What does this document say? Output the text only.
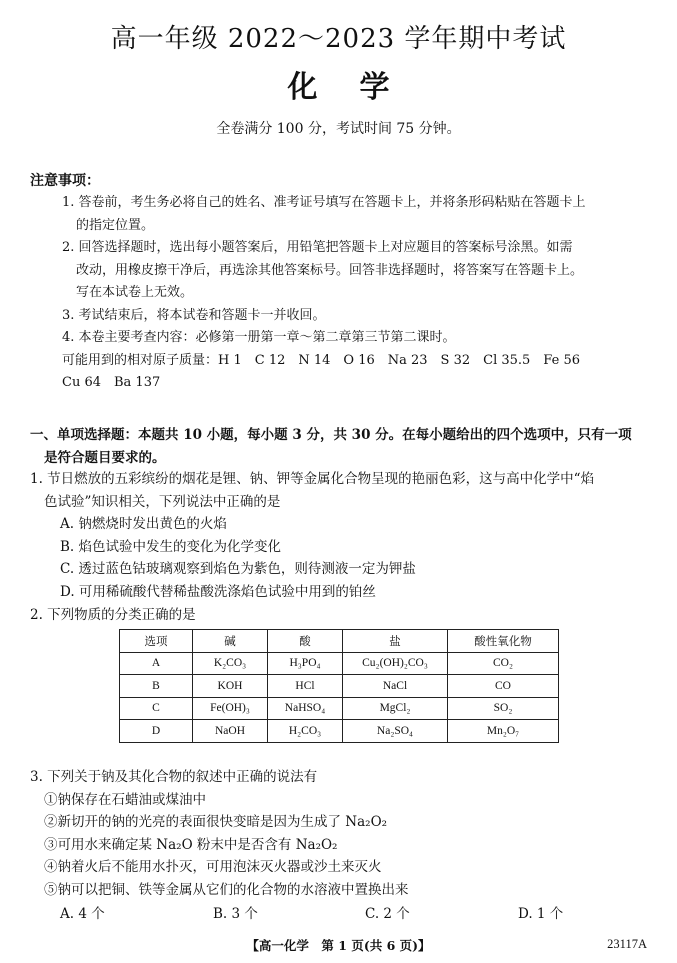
高一年级 2022～2023 学年期中考试
化学
全卷满分 100 分，考试时间 75 分钟。
注意事项：
1. 答卷前，考生务必将自己的姓名、准考证号填写在答题卡上，并将条形码粘贴在答题卡上
的指定位置。
2. 回答选择题时，选出每小题答案后，用铅笔把答题卡上对应题目的答案标号涂黑。如需
改动，用橡皮擦干净后，再选涂其他答案标号。回答非选择题时，将答案写在答题卡上。
写在本试卷上无效。
3. 考试结束后，将本试卷和答题卡一并收回。
4. 本卷主要考查内容：必修第一册第一章～第二章第三节第二课时。
可能用到的相对原子质量：H 1　C 12　N 14　O 16　Na 23　S 32　Cl 35.5　Fe 56
Cu 64　Ba 137
一、单项选择题：本题共 10 小题，每小题 3 分，共 30 分。在每小题给出的四个选项中，只有一项
是符合题目要求的。
1. 节日燃放的五彩缤纷的烟花是锂、钠、钾等金属化合物呈现的艳丽色彩，这与高中化学中“焰
色试验”知识相关，下列说法中正确的是
A. 钠燃烧时发出黄色的火焰
B. 焰色试验中发生的变化为化学变化
C. 透过蓝色钴玻璃观察到焰色为紫色，则待测液一定为钾盐
D. 可用稀硫酸代替稀盐酸洗涤焰色试验中用到的铂丝
2. 下列物质的分类正确的是
选项	碱	酸	盐	酸性氧化物
A	K₂CO₃	H₃PO₄	Cu₂(OH)₂CO₃	CO₂
B	KOH	HCl	NaCl	CO
C	Fe(OH)₃	NaHSO₄	MgCl₂	SO₂
D	NaOH	H₂CO₃	Na₂SO₄	Mn₂O₇
3. 下列关于钠及其化合物的叙述中正确的说法有
①钠保存在石蜡油或煤油中
②新切开的钠的光亮的表面很快变暗是因为生成了 Na₂O₂
③可用水来确定某 Na₂O 粉末中是否含有 Na₂O₂
④钠着火后不能用水扑灭，可用泡沫灭火器或沙土来灭火
⑤钠可以把铜、铁等金属从它们的化合物的水溶液中置换出来
A. 4 个	B. 3 个	C. 2 个	D. 1 个
【高一化学　第 1 页(共 6 页)】	23117A
